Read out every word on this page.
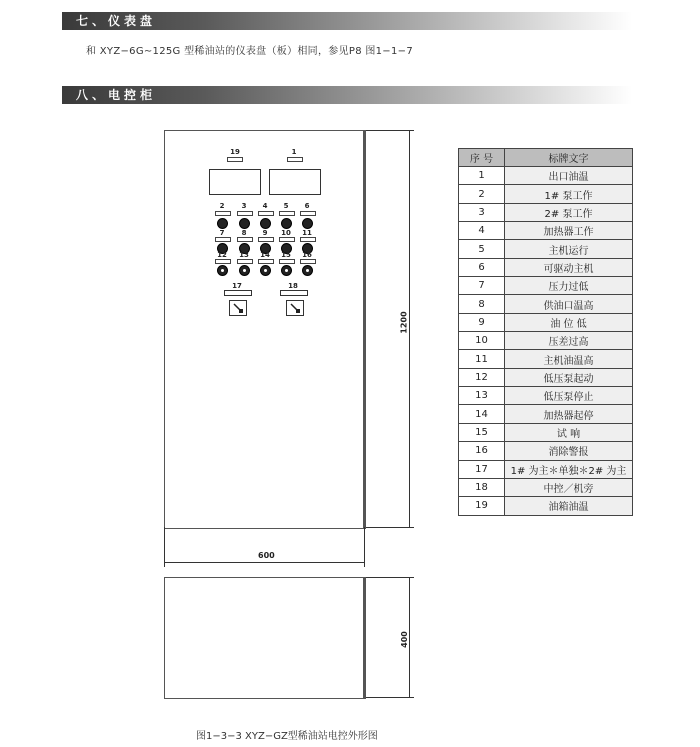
七、仪表盘
和 XYZ−6G∼125G 型稀油站的仪表盘（板）相同，参见P8 图1−1−7
八、电控柜
19	1
2	3	4	5	6
7	8	9	10	11
12	13	14	15	16
17	18
1200
600
400
序 号	标牌文字
1	出口油温
2	1# 泵工作
3	2# 泵工作
4	加热器工作
5	主机运行
6	可驱动主机
7	压力过低
8	供油口温高
9	油 位 低
10	压差过高
11	主机油温高
12	低压泵起动
13	低压泵停止
14	加热器起停
15	试 响
16	消除警报
17	1# 为主＊单独＊2# 为主
18	中控／机旁
19	油箱油温
图1−3−3 XYZ−GZ型稀油站电控外形图
